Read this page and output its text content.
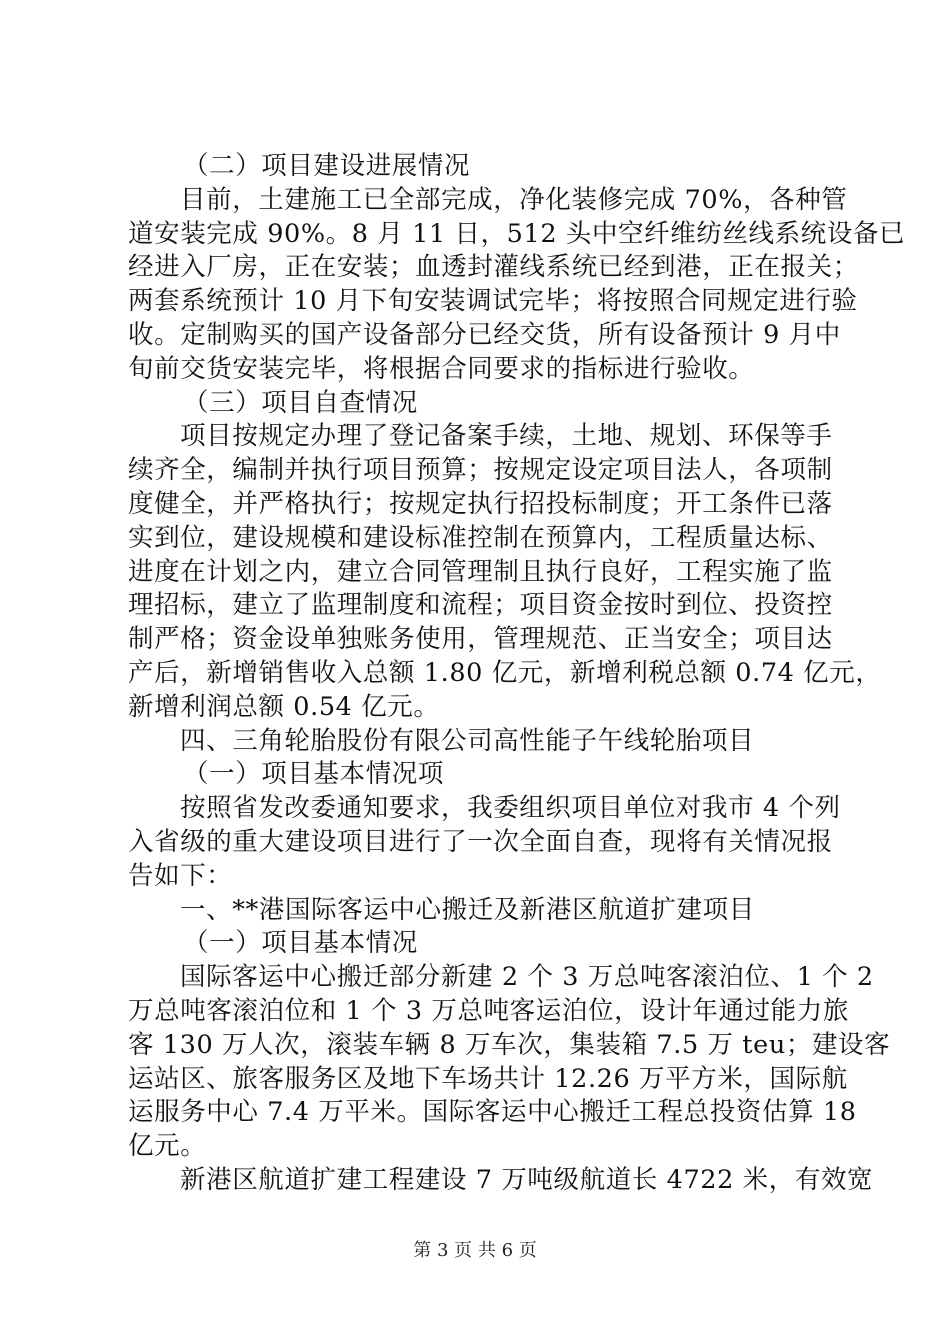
（二）项目建设进展情况
目前，土建施工已全部完成，净化装修完成 70%，各种管
道安装完成 90%。8 月 11 日，512 头中空纤维纺丝线系统设备已
经进入厂房，正在安装；血透封灌线系统已经到港，正在报关；
两套系统预计 10 月下旬安装调试完毕；将按照合同规定进行验
收。定制购买的国产设备部分已经交货，所有设备预计 9 月中
旬前交货安装完毕，将根据合同要求的指标进行验收。
（三）项目自查情况
项目按规定办理了登记备案手续，土地、规划、环保等手
续齐全，编制并执行项目预算；按规定设定项目法人，各项制
度健全，并严格执行；按规定执行招投标制度；开工条件已落
实到位，建设规模和建设标准控制在预算内，工程质量达标、
进度在计划之内，建立合同管理制且执行良好，工程实施了监
理招标，建立了监理制度和流程；项目资金按时到位、投资控
制严格；资金设单独账务使用，管理规范、正当安全；项目达
产后，新增销售收入总额 1.80 亿元，新增利税总额 0.74 亿元，
新增利润总额 0.54 亿元。
四、三角轮胎股份有限公司高性能子午线轮胎项目
（一）项目基本情况项
按照省发改委通知要求，我委组织项目单位对我市 4 个列
入省级的重大建设项目进行了一次全面自查，现将有关情况报
告如下：
一、**港国际客运中心搬迁及新港区航道扩建项目
（一）项目基本情况
国际客运中心搬迁部分新建 2 个 3 万总吨客滚泊位、1 个 2
万总吨客滚泊位和 1 个 3 万总吨客运泊位，设计年通过能力旅
客 130 万人次，滚装车辆 8 万车次，集装箱 7.5 万 teu；建设客
运站区、旅客服务区及地下车场共计 12.26 万平方米，国际航
运服务中心 7.4 万平米。国际客运中心搬迁工程总投资估算 18
亿元。
新港区航道扩建工程建设 7 万吨级航道长 4722 米，有效宽
第 3 页 共 6 页
